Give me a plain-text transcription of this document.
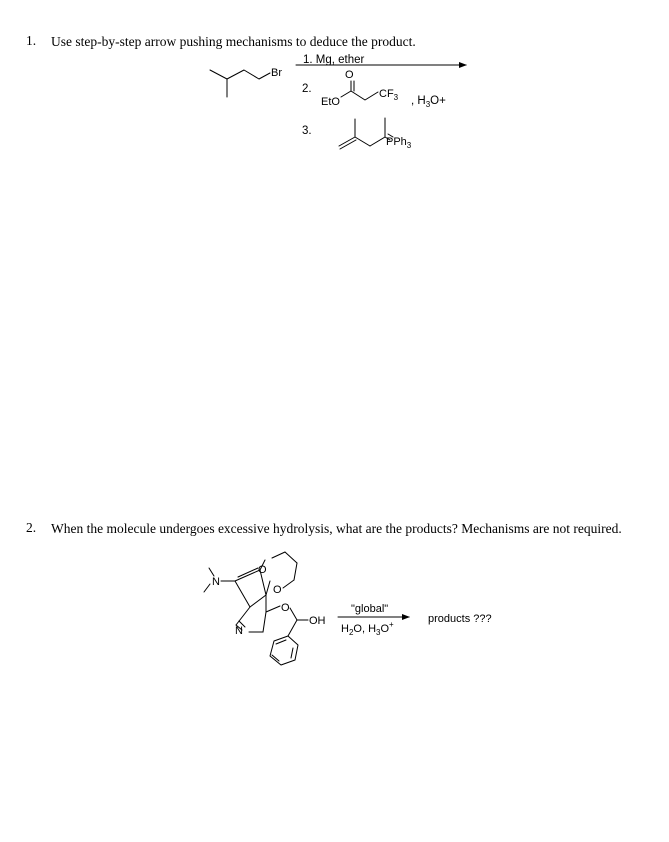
1. Use step-by-step arrow pushing mechanisms to deduce the product.
2. When the molecule undergoes excessive hydrolysis, what are the products? Mechanisms are not required.
Br
1. Mg, ether
2.
EtO
O
$CF_3$ , $H_3O+$
3.
PPh$_3$
N
O
O
N
O
OH
"global"
$H_2O$, $H_3O^+$	products ???
